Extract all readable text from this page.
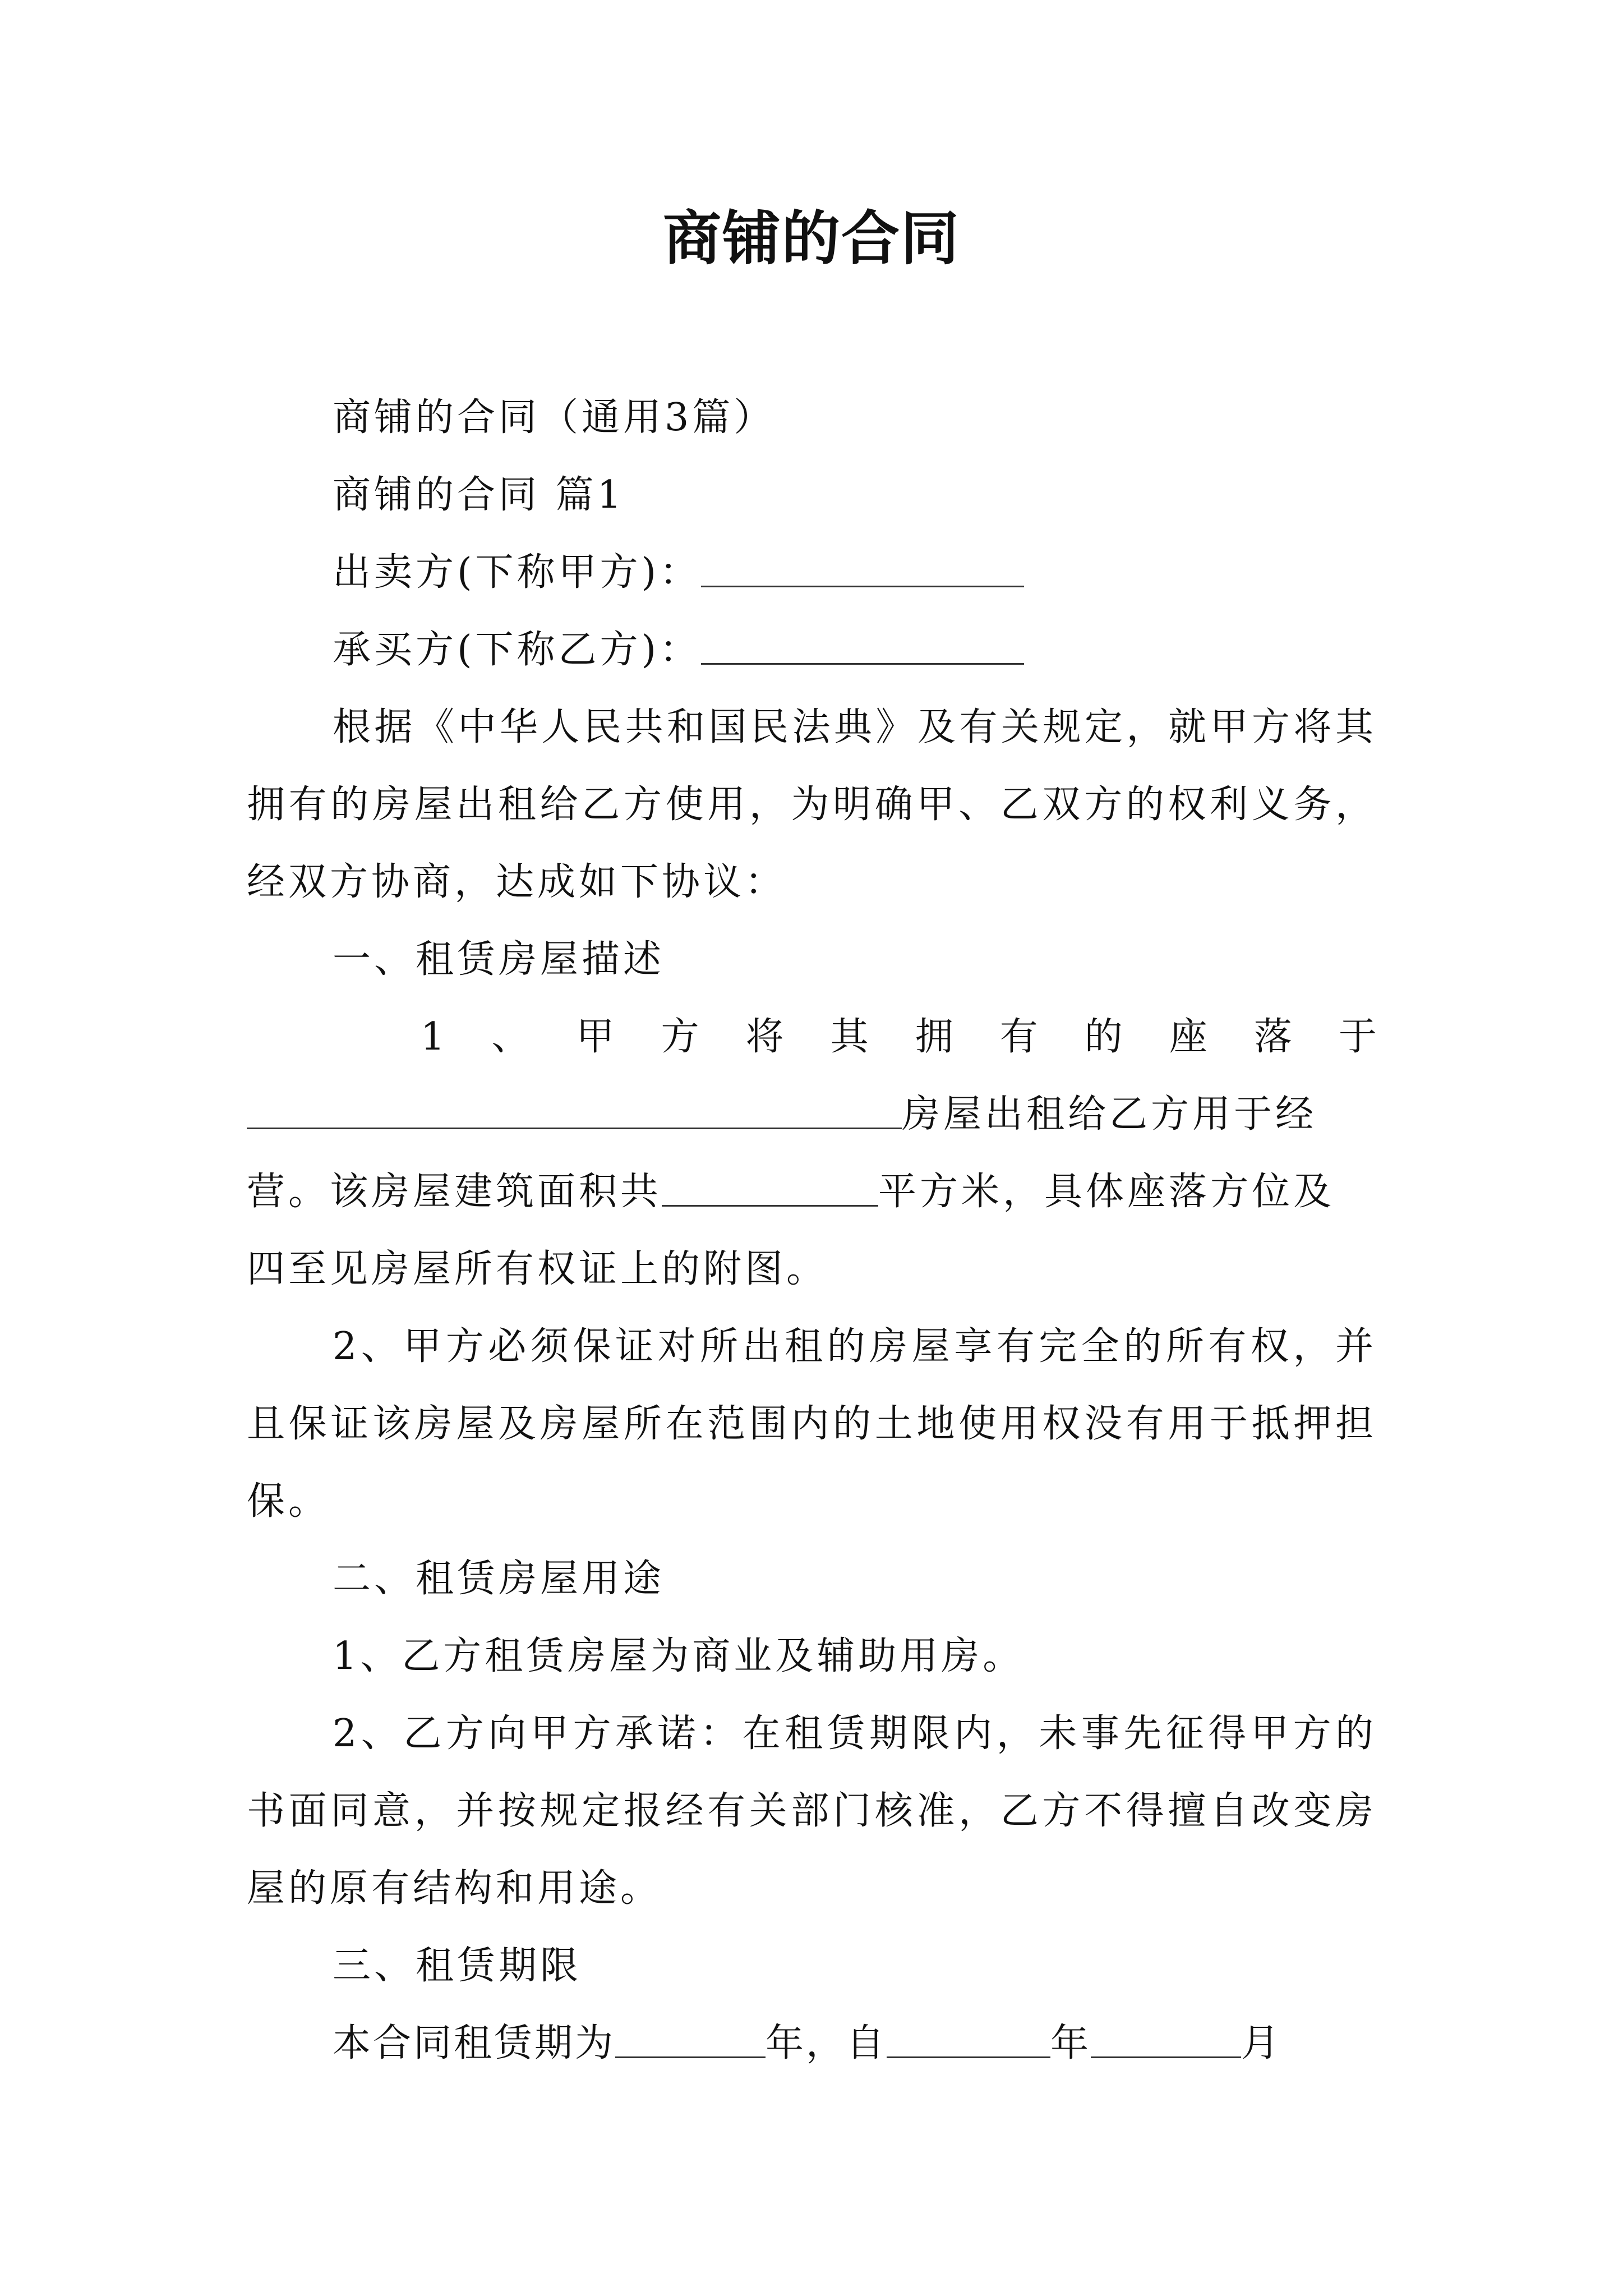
商铺的合同

商铺的合同（通用3篇）

商铺的合同 篇1

出卖方(下称甲方)：

承买方(下称乙方)：

根据《中华人民共和国民法典》及有关规定，就甲方将其拥有的房屋出租给乙方使用，为明确甲、乙双方的权利义务，经双方协商，达成如下协议：

一、租赁房屋描述

1 、 甲 方 将 其 拥 有 的 座 落 于

房屋出租给乙方用于经

营。该房屋建筑面积共	平方米，具体座落方位及

四至见房屋所有权证上的附图。

2、甲方必须保证对所出租的房屋享有完全的所有权，并且保证该房屋及房屋所在范围内的土地使用权没有用于抵押担保。

二、租赁房屋用途

1、乙方租赁房屋为商业及辅助用房。

2、乙方向甲方承诺：在租赁期限内，未事先征得甲方的书面同意，并按规定报经有关部门核准，乙方不得擅自改变房屋的原有结构和用途。

三、租赁期限

本合同租赁期为	年，自	年	月
